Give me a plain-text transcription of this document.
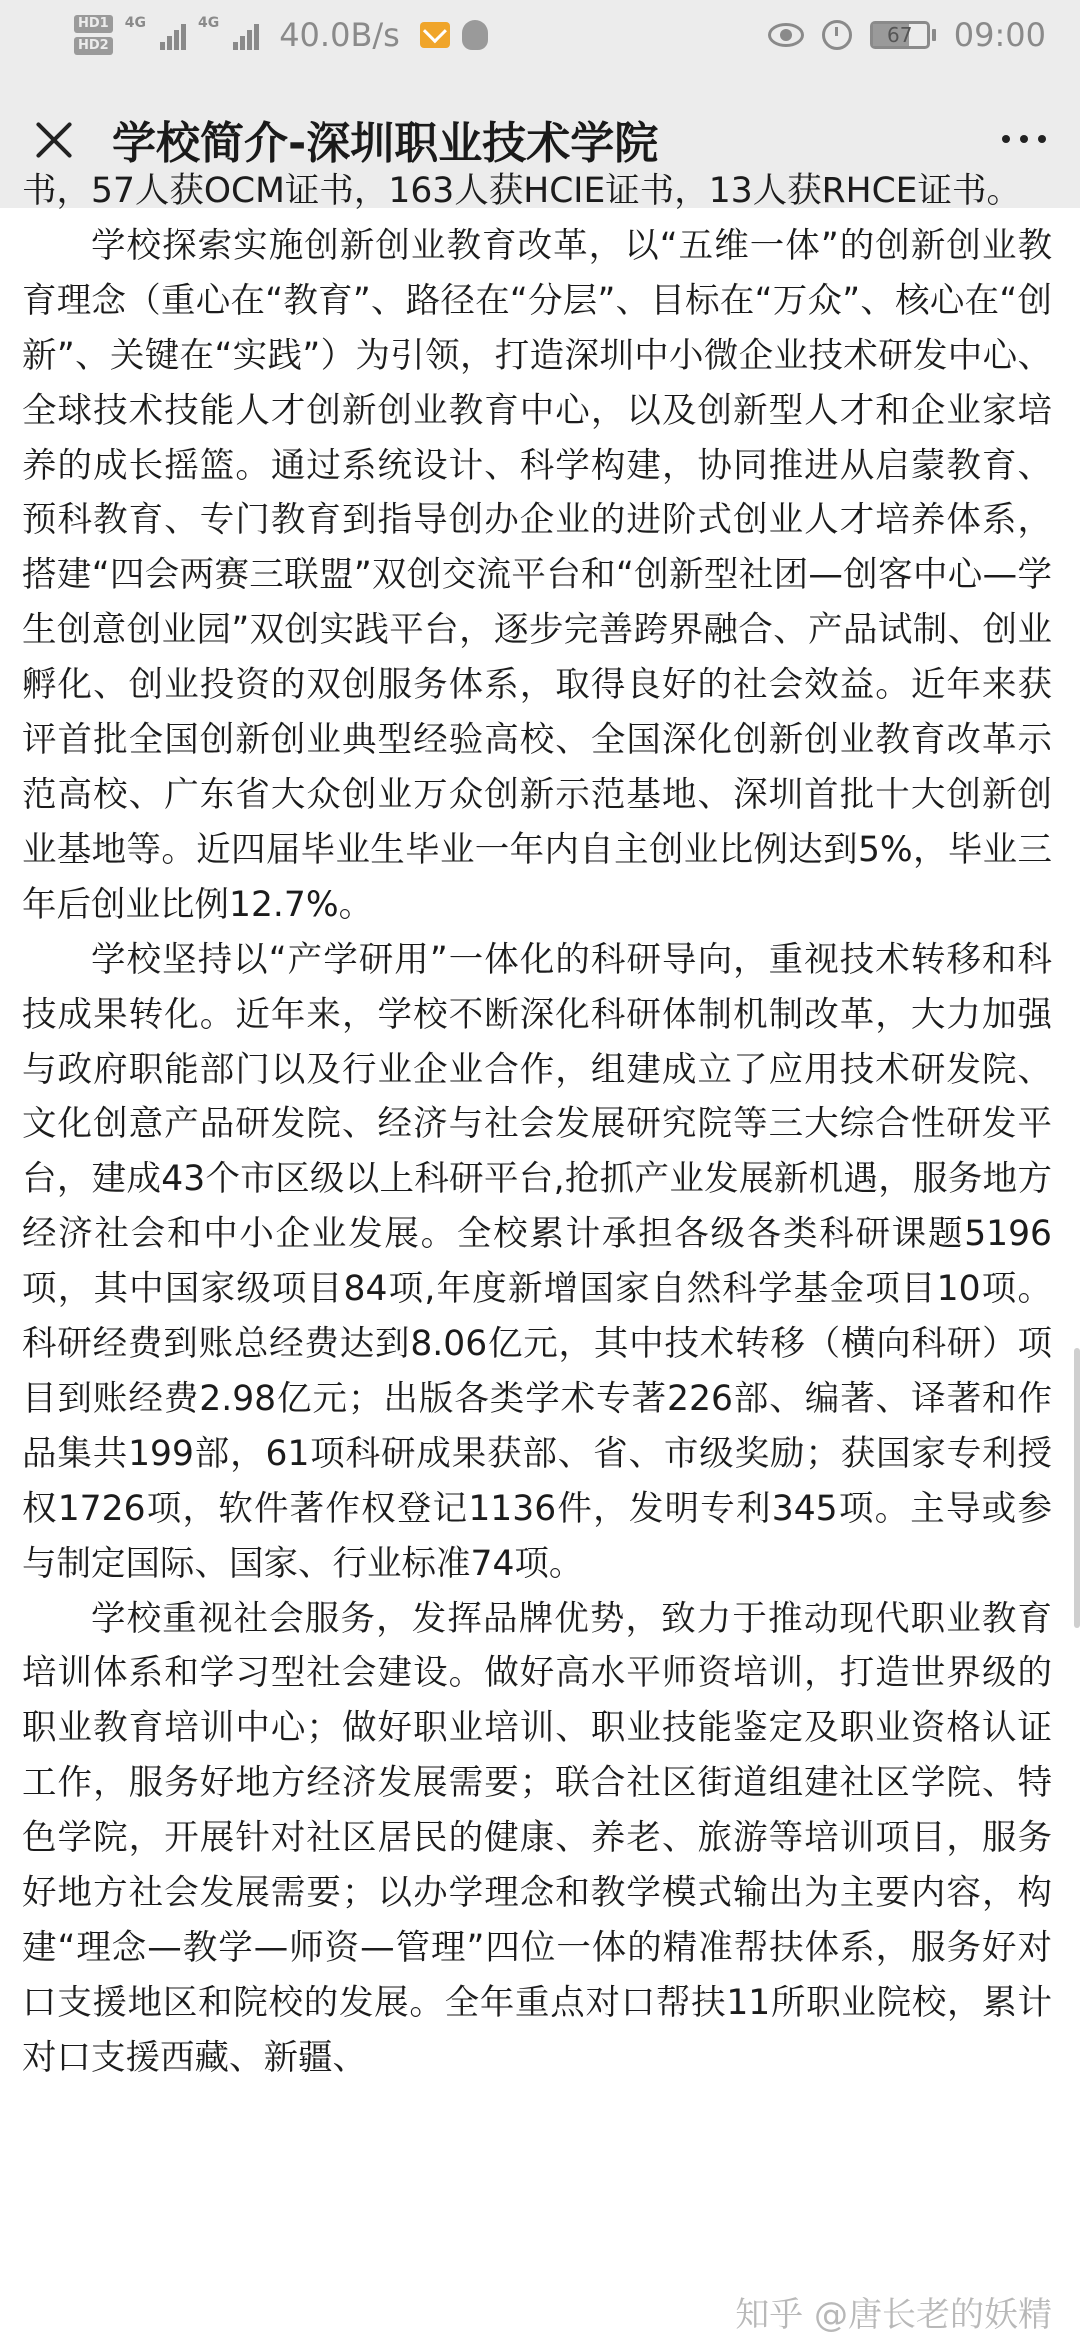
HD1
HD2
4G	4G 40.0B/s	67	09:00
学校简介-深圳职业技术学院

书，57人获OCM证书，163人获HCIE证书，13人获RHCE证书。

学校探索实施创新创业教育改革，以“五维一体”的创新创业教育理念（重心在“教育”、路径在“分层”、目标在“万众”、核心在“创新”、关键在“实践”）为引领，打造深圳中小微企业技术研发中心、全球技术技能人才创新创业教育中心，以及创新型人才和企业家培养的成长摇篮。通过系统设计、科学构建，协同推进从启蒙教育、预科教育、专门教育到指导创办企业的进阶式创业人才培养体系，搭建“四会两赛三联盟”双创交流平台和“创新型社团—创客中心—学生创意创业园”双创实践平台，逐步完善跨界融合、产品试制、创业孵化、创业投资的双创服务体系，取得良好的社会效益。近年来获评首批全国创新创业典型经验高校、全国深化创新创业教育改革示范高校、广东省大众创业万众创新示范基地、深圳首批十大创新创业基地等。近四届毕业生毕业一年内自主创业比例达到5%，毕业三年后创业比例12.7%。

学校坚持以“产学研用”一体化的科研导向，重视技术转移和科技成果转化。近年来，学校不断深化科研体制机制改革，大力加强与政府职能部门以及行业企业合作，组建成立了应用技术研发院、文化创意产品研发院、经济与社会发展研究院等三大综合性研发平台，建成43个市区级以上科研平台,抢抓产业发展新机遇，服务地方经济社会和中小企业发展。全校累计承担各级各类科研课题5196项，其中国家级项目84项,年度新增国家自然科学基金项目10项。科研经费到账总经费达到8.06亿元，其中技术转移（横向科研）项目到账经费2.98亿元；出版各类学术专著226部、编著、译著和作品集共199部，61项科研成果获部、省、市级奖励；获国家专利授权1726项，软件著作权登记1136件，发明专利345项。主导或参与制定国际、国家、行业标准74项。

学校重视社会服务，发挥品牌优势，致力于推动现代职业教育培训体系和学习型社会建设。做好高水平师资培训，打造世界级的职业教育培训中心；做好职业培训、职业技能鉴定及职业资格认证工作，服务好地方经济发展需要；联合社区街道组建社区学院、特色学院，开展针对社区居民的健康、养老、旅游等培训项目，服务好地方社会发展需要；以办学理念和教学模式输出为主要内容，构建“理念—教学—师资—管理”四位一体的精准帮扶体系，服务好对口支援地区和院校的发展。全年重点对口帮扶11所职业院校，累计对口支援西藏、新疆、

知乎 @唐长老的妖精
